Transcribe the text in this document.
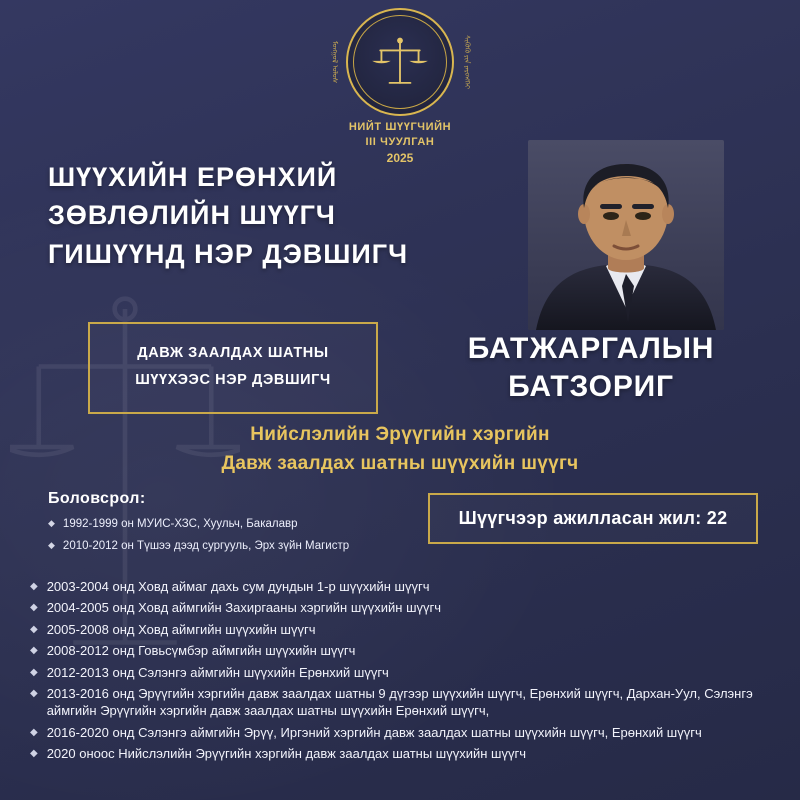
ᠮᠣᠩᠭᠣᠯ ᠤᠯᠤᠰ	ᠰᠢᠭᠦᠬᠦ ᠶᠢᠨ ᠶᠡᠷᠦᠩᠬᠡᠢ
НИЙТ ШҮҮГЧИЙН
III ЧУУЛГАН
2025
ШҮҮХИЙН ЕРӨНХИЙ
ЗӨВЛӨЛИЙН ШҮҮГЧ
ГИШҮҮНД НЭР ДЭВШИГЧ
ДАВЖ ЗААЛДАХ ШАТНЫ
ШҮҮХЭЭС НЭР ДЭВШИГЧ
БАТЖАРГАЛЫН
БАТЗОРИГ
Нийслэлийн Эрүүгийн хэргийн
Давж заалдах шатны шүүхийн шүүгч
Боловсрол:
◆ 1992-1999 он МУИС-ХЗС, Хуульч, Бакалавр
◆ 2010-2012 он Түшээ дээд сургууль, Эрх зүйн Магистр
Шүүгчээр ажилласан жил: 22
◆ 2003-2004 онд Ховд аймаг дахь сум дундын 1-р шүүхийн шүүгч
◆ 2004-2005 онд Ховд аймгийн Захиргааны хэргийн шүүхийн шүүгч
◆ 2005-2008 онд Ховд аймгийн шүүхийн шүүгч
◆ 2008-2012 онд Говьсүмбэр аймгийн шүүхийн шүүгч
◆ 2012-2013 онд Сэлэнгэ аймгийн шүүхийн Ерөнхий шүүгч
◆ 2013-2016 онд Эрүүгийн хэргийн давж заалдах шатны 9 дүгээр шүүхийн шүүгч, Ерөнхий шүүгч, Дархан-Уул, Сэлэнгэ аймгийн Эрүүгийн хэргийн давж заалдах шатны шүүхийн Ерөнхий шүүгч,
◆ 2016-2020 онд Сэлэнгэ аймгийн Эрүү, Иргэний хэргийн давж заалдах шатны шүүхийн шүүгч, Ерөнхий шүүгч
◆ 2020 оноос Нийслэлийн Эрүүгийн хэргийн давж заалдах шатны шүүхийн шүүгч
